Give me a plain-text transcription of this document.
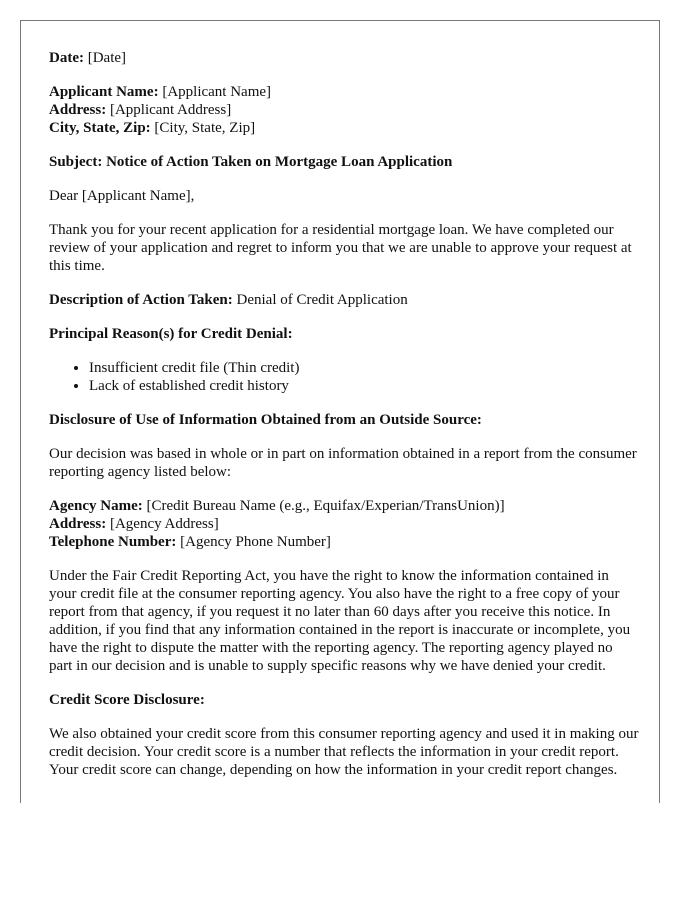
Date: [Date]

Applicant Name: [Applicant Name]
Address: [Applicant Address]
City, State, Zip: [City, State, Zip]

Subject: Notice of Action Taken on Mortgage Loan Application

Dear [Applicant Name],

Thank you for your recent application for a residential mortgage loan. We have completed our review of your application and regret to inform you that we are unable to approve your request at this time.

Description of Action Taken: Denial of Credit Application

Principal Reason(s) for Credit Denial:

• Insufficient credit file (Thin credit)
• Lack of established credit history

Disclosure of Use of Information Obtained from an Outside Source:

Our decision was based in whole or in part on information obtained in a report from the consumer reporting agency listed below:

Agency Name: [Credit Bureau Name (e.g., Equifax/Experian/TransUnion)]
Address: [Agency Address]
Telephone Number: [Agency Phone Number]

Under the Fair Credit Reporting Act, you have the right to know the information contained in your credit file at the consumer reporting agency. You also have the right to a free copy of your report from that agency, if you request it no later than 60 days after you receive this notice. In addition, if you find that any information contained in the report is inaccurate or incomplete, you have the right to dispute the matter with the reporting agency. The reporting agency played no part in our decision and is unable to supply specific reasons why we have denied your credit.

Credit Score Disclosure:

We also obtained your credit score from this consumer reporting agency and used it in making our credit decision. Your credit score is a number that reflects the information in your credit report. Your credit score can change, depending on how the information in your credit report changes.
